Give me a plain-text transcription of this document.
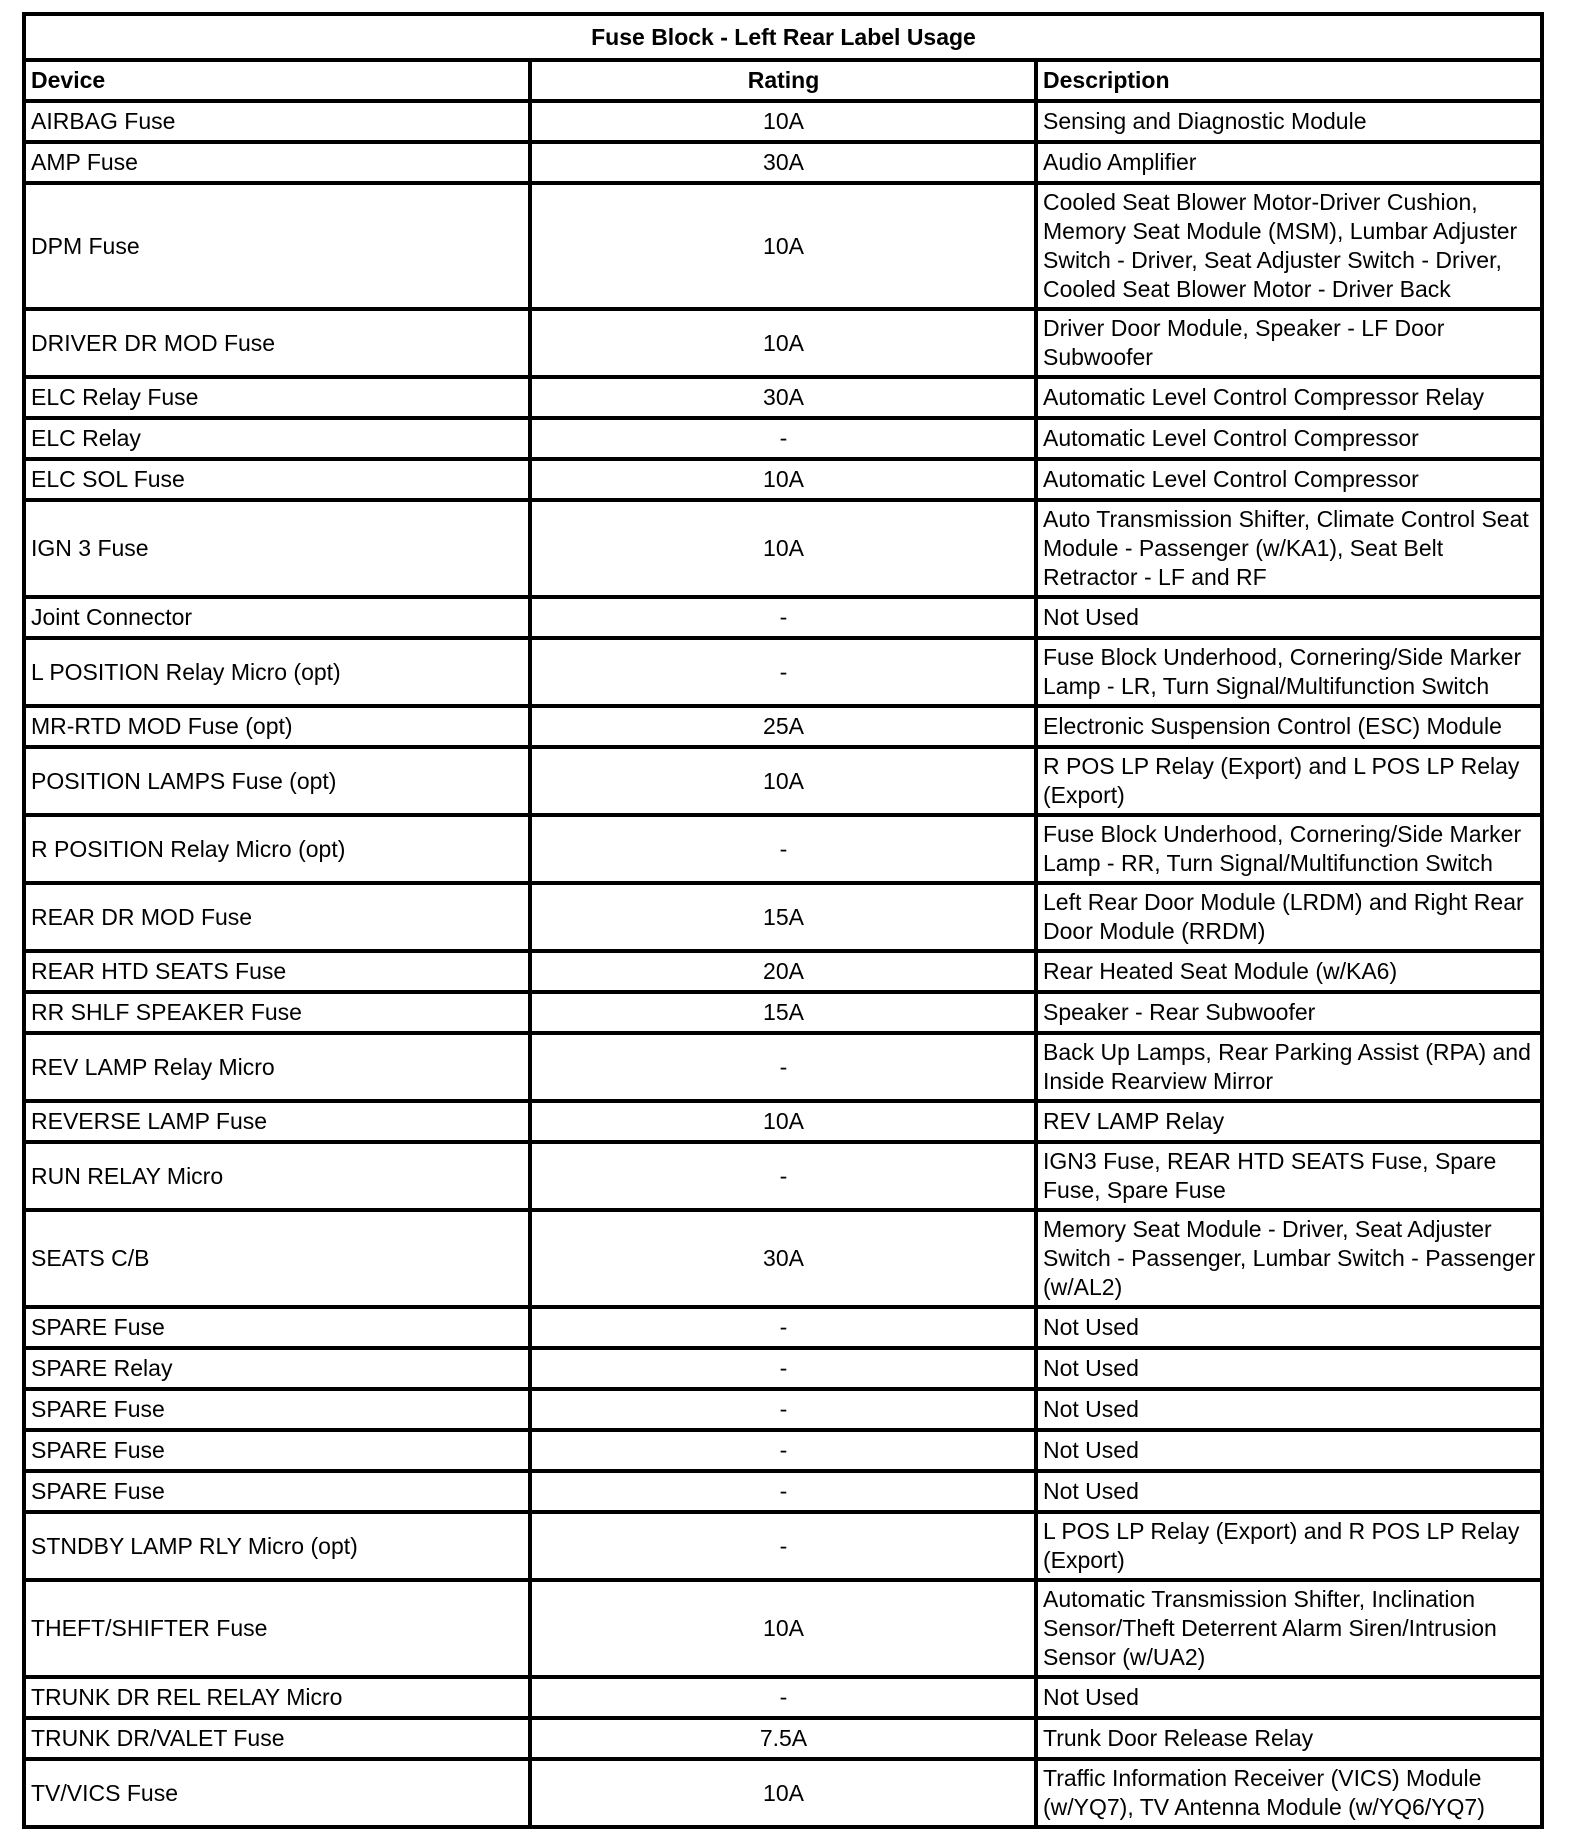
Fuse Block - Left Rear Label Usage		
Device	Rating	Description
AIRBAG Fuse	10A	Sensing and Diagnostic Module
AMP Fuse	30A	Audio Amplifier
DPM Fuse	10A	Cooled Seat Blower Motor-Driver Cushion, Memory Seat Module (MSM), Lumbar Adjuster Switch - Driver, Seat Adjuster Switch - Driver, Cooled Seat Blower Motor - Driver Back
DRIVER DR MOD Fuse	10A	Driver Door Module, Speaker - LF Door Subwoofer
ELC Relay Fuse	30A	Automatic Level Control Compressor Relay
ELC Relay	-	Automatic Level Control Compressor
ELC SOL Fuse	10A	Automatic Level Control Compressor
IGN 3 Fuse	10A	Auto Transmission Shifter, Climate Control Seat Module - Passenger (w/KA1), Seat Belt Retractor - LF and RF
Joint Connector	-	Not Used
L POSITION Relay Micro (opt)	-	Fuse Block Underhood, Cornering/Side Marker Lamp - LR, Turn Signal/Multifunction Switch
MR-RTD MOD Fuse (opt)	25A	Electronic Suspension Control (ESC) Module
POSITION LAMPS Fuse (opt)	10A	R POS LP Relay (Export) and L POS LP Relay (Export)
R POSITION Relay Micro (opt)	-	Fuse Block Underhood, Cornering/Side Marker Lamp - RR, Turn Signal/Multifunction Switch
REAR DR MOD Fuse	15A	Left Rear Door Module (LRDM) and Right Rear Door Module (RRDM)
REAR HTD SEATS Fuse	20A	Rear Heated Seat Module (w/KA6)
RR SHLF SPEAKER Fuse	15A	Speaker - Rear Subwoofer
REV LAMP Relay Micro	-	Back Up Lamps, Rear Parking Assist (RPA) and Inside Rearview Mirror
REVERSE LAMP Fuse	10A	REV LAMP Relay
RUN RELAY Micro	-	IGN3 Fuse, REAR HTD SEATS Fuse, Spare Fuse, Spare Fuse
SEATS C/B	30A	Memory Seat Module - Driver, Seat Adjuster Switch - Passenger, Lumbar Switch - Passenger (w/AL2)
SPARE Fuse	-	Not Used
SPARE Relay	-	Not Used
SPARE Fuse	-	Not Used
SPARE Fuse	-	Not Used
SPARE Fuse	-	Not Used
STNDBY LAMP RLY Micro (opt)	-	L POS LP Relay (Export) and R POS LP Relay (Export)
THEFT/SHIFTER Fuse	10A	Automatic Transmission Shifter, Inclination Sensor/Theft Deterrent Alarm Siren/Intrusion Sensor (w/UA2)
TRUNK DR REL RELAY Micro	-	Not Used
TRUNK DR/VALET Fuse	7.5A	Trunk Door Release Relay
TV/VICS Fuse	10A	Traffic Information Receiver (VICS) Module (w/YQ7), TV Antenna Module (w/YQ6/YQ7)
